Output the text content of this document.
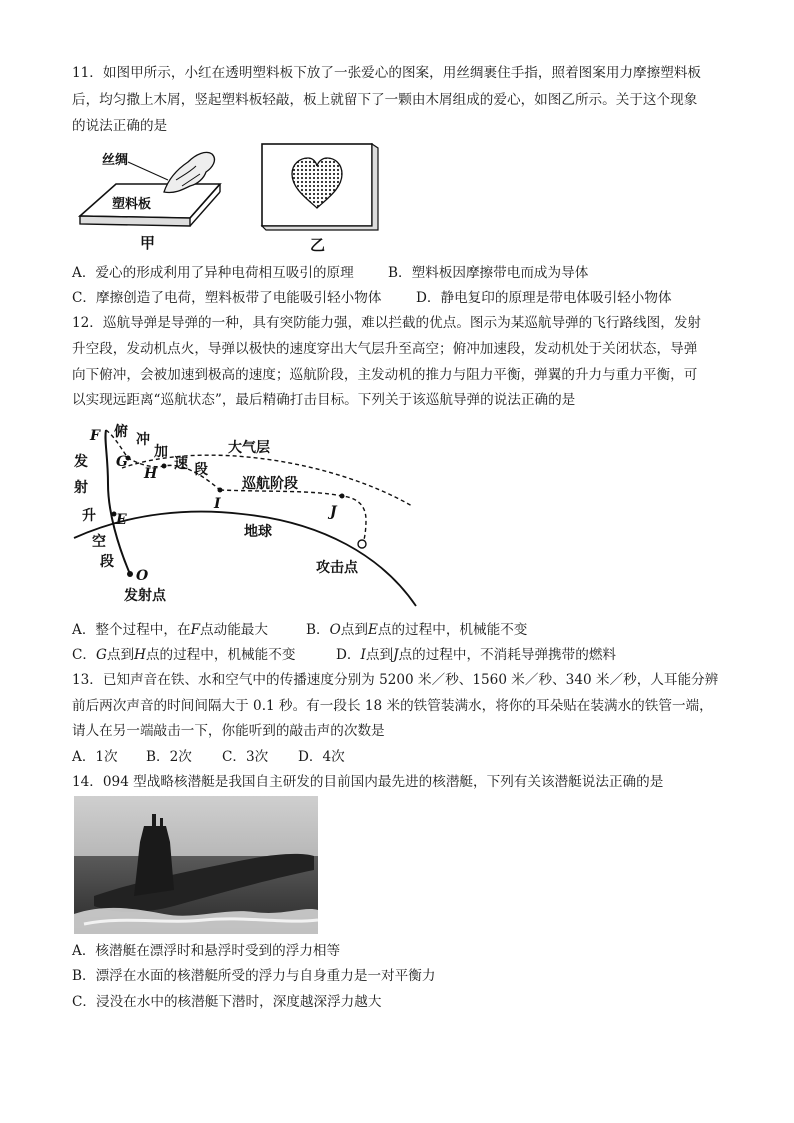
11．如图甲所示，小红在透明塑料板下放了一张爱心的图案，用丝绸裹住手指，照着图案用力摩擦塑料板
后，均匀撒上木屑，竖起塑料板轻敲，板上就留下了一颗由木屑组成的爱心，如图乙所示。关于这个现象
的说法正确的是
丝绸
塑料板
甲	乙
A．爱心的形成利用了异种电荷相互吸引的原理	B．塑料板因摩擦带电而成为导体
C．摩擦创造了电荷，塑料板带了电能吸引轻小物体	D．静电复印的原理是带电体吸引轻小物体
12．巡航导弹是导弹的一种，具有突防能力强，难以拦截的优点。图示为某巡航导弹的飞行路线图，发射
升空段，发动机点火，导弹以极快的速度穿出大气层升至高空；俯冲加速段，发动机处于关闭状态，导弹
向下俯冲，会被加速到极高的速度；巡航阶段，主发动机的推力与阻力平衡，弹翼的升力与重力平衡，可
以实现远距离“巡航状态”，最后精确打击目标。下列关于该巡航导弹的说法正确的是
F
G
H
I	J
E
O
俯 冲
加
速 段
大气层
巡航阶段
地球
发
射
升
空
段
发射点
攻击点
A．整个过程中，在F点动能最大	B．O点到E点的过程中，机械能不变
C．G点到H点的过程中，机械能不变	D．I点到J点的过程中，不消耗导弹携带的燃料
13．已知声音在铁、水和空气中的传播速度分别为 5200 米／秒、1560 米／秒、340 米／秒，人耳能分辨
前后两次声音的时间间隔大于 0.1 秒。有一段长 18 米的铁管装满水，将你的耳朵贴在装满水的铁管一端，
请人在另一端敲击一下，你能听到的敲击声的次数是
A．1次 B．2次 C．3次 D．4次
14．094 型战略核潜艇是我国自主研发的目前国内最先进的核潜艇，下列有关该潜艇说法正确的是
A．核潜艇在漂浮时和悬浮时受到的浮力相等
B．漂浮在水面的核潜艇所受的浮力与自身重力是一对平衡力
C．浸没在水中的核潜艇下潜时，深度越深浮力越大
